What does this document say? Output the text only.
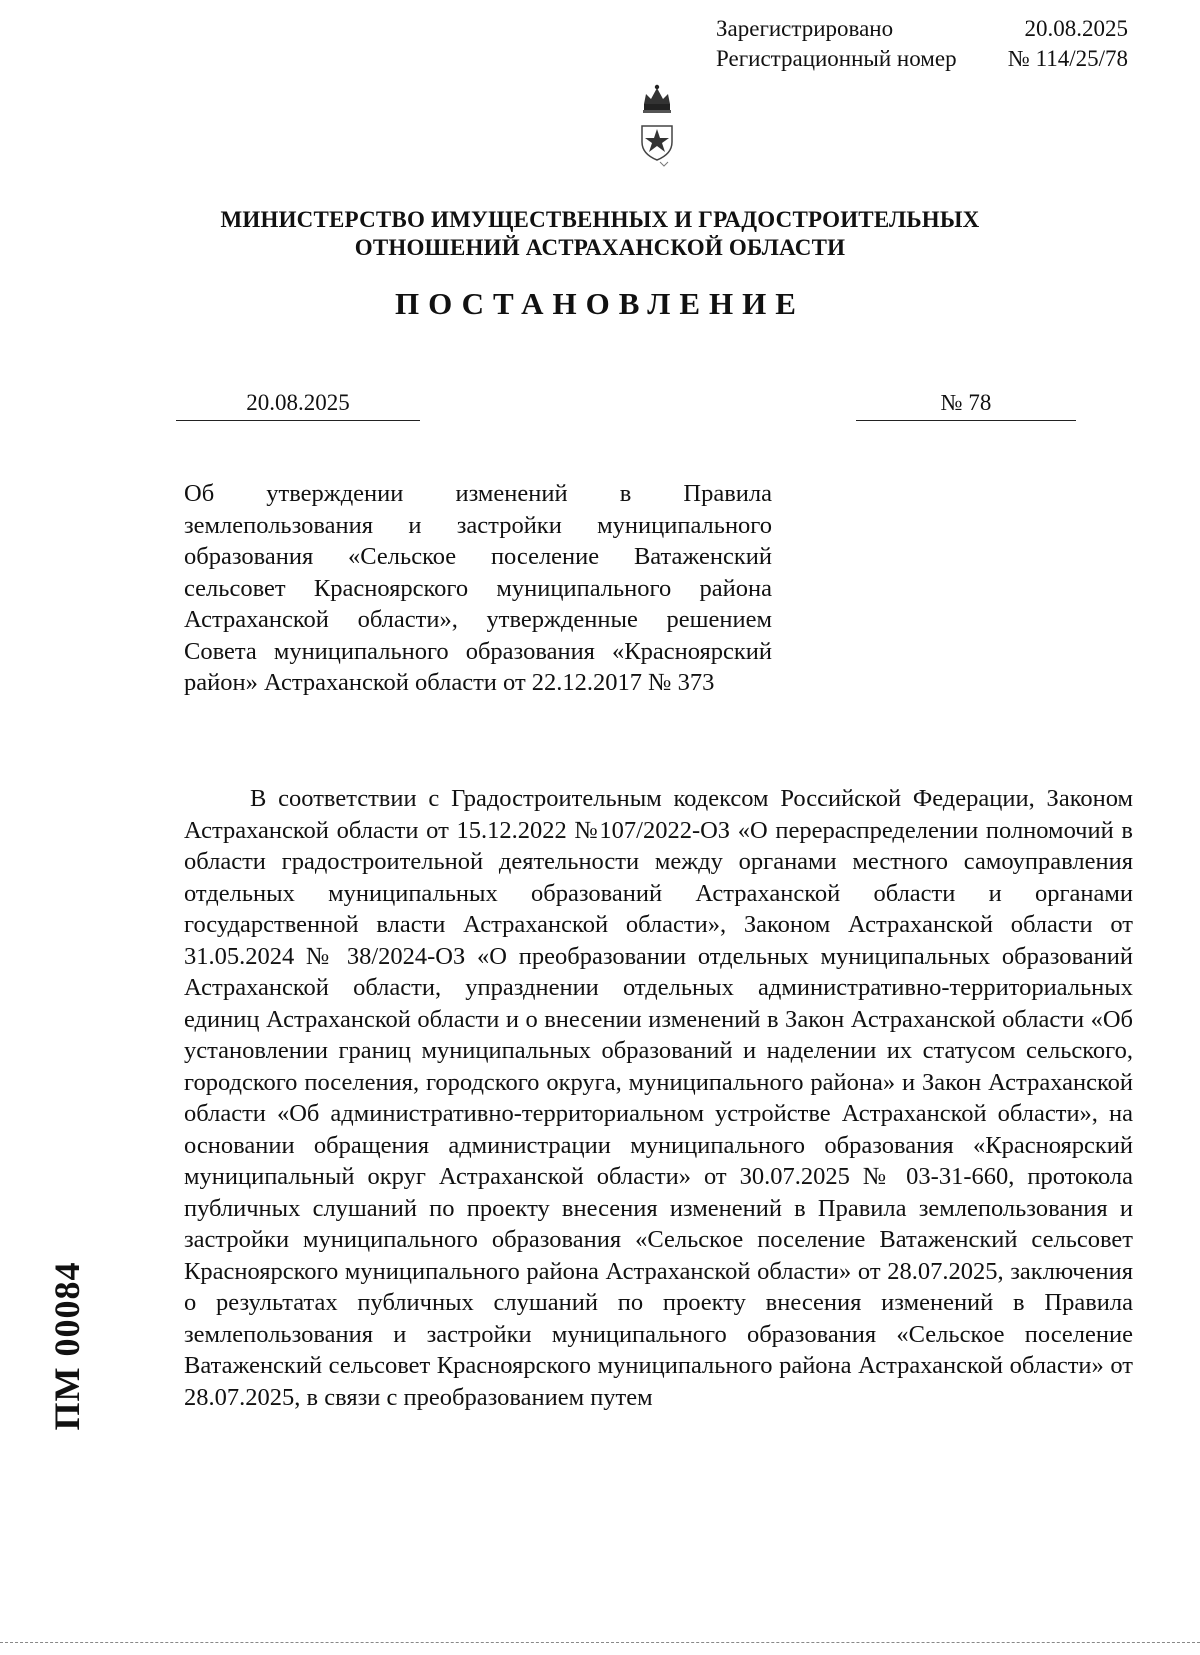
Зарегистрировано	20.08.2025
Регистрационный номер № 114/25/78
МИНИСТЕРСТВО ИМУЩЕСТВЕННЫХ И ГРАДОСТРОИТЕЛЬНЫХ
ОТНОШЕНИЙ АСТРАХАНСКОЙ ОБЛАСТИ
ПОСТАНОВЛЕНИЕ
20.08.2025	№ 78
Об утверждении изменений в Правила землепользования и застройки муниципального образования «Сельское поселение Ватаженский сельсовет Красноярского муниципального района Астраханской области», утвержденные решением Совета муниципального образования «Красноярский район» Астраханской области от 22.12.2017 № 373

В соответствии с Градостроительным кодексом Российской Федерации, Законом Астраханской области от 15.12.2022 №107/2022-ОЗ «О перераспределении полномочий в области градостроительной деятельности между органами местного самоуправления отдельных муниципальных образований Астраханской области и органами государственной власти Астраханской области», Законом Астраханской области от 31.05.2024 № 38/2024-ОЗ «О преобразовании отдельных муниципальных образований Астраханской области, упразднении отдельных административно-территориальных единиц Астраханской области и о внесении изменений в Закон Астраханской области «Об установлении границ муниципальных образований и наделении их статусом сельского, городского поселения, городского округа, муниципального района» и Закон Астраханской области «Об административно-территориальном устройстве Астраханской области», на основании обращения администрации муниципального образования «Красноярский муниципальный округ Астраханской области» от 30.07.2025 № 03-31-660, протокола публичных слушаний по проекту внесения изменений в Правила землепользования и застройки муниципального образования «Сельское поселение Ватаженский сельсовет Красноярского муниципального района Астраханской области» от 28.07.2025, заключения о результатах публичных слушаний по проекту внесения изменений в Правила землепользования и застройки муниципального образования «Сельское поселение Ватаженский сельсовет Красноярского муниципального района Астраханской области» от 28.07.2025, в связи с преобразованием путем

ПМ 00084
